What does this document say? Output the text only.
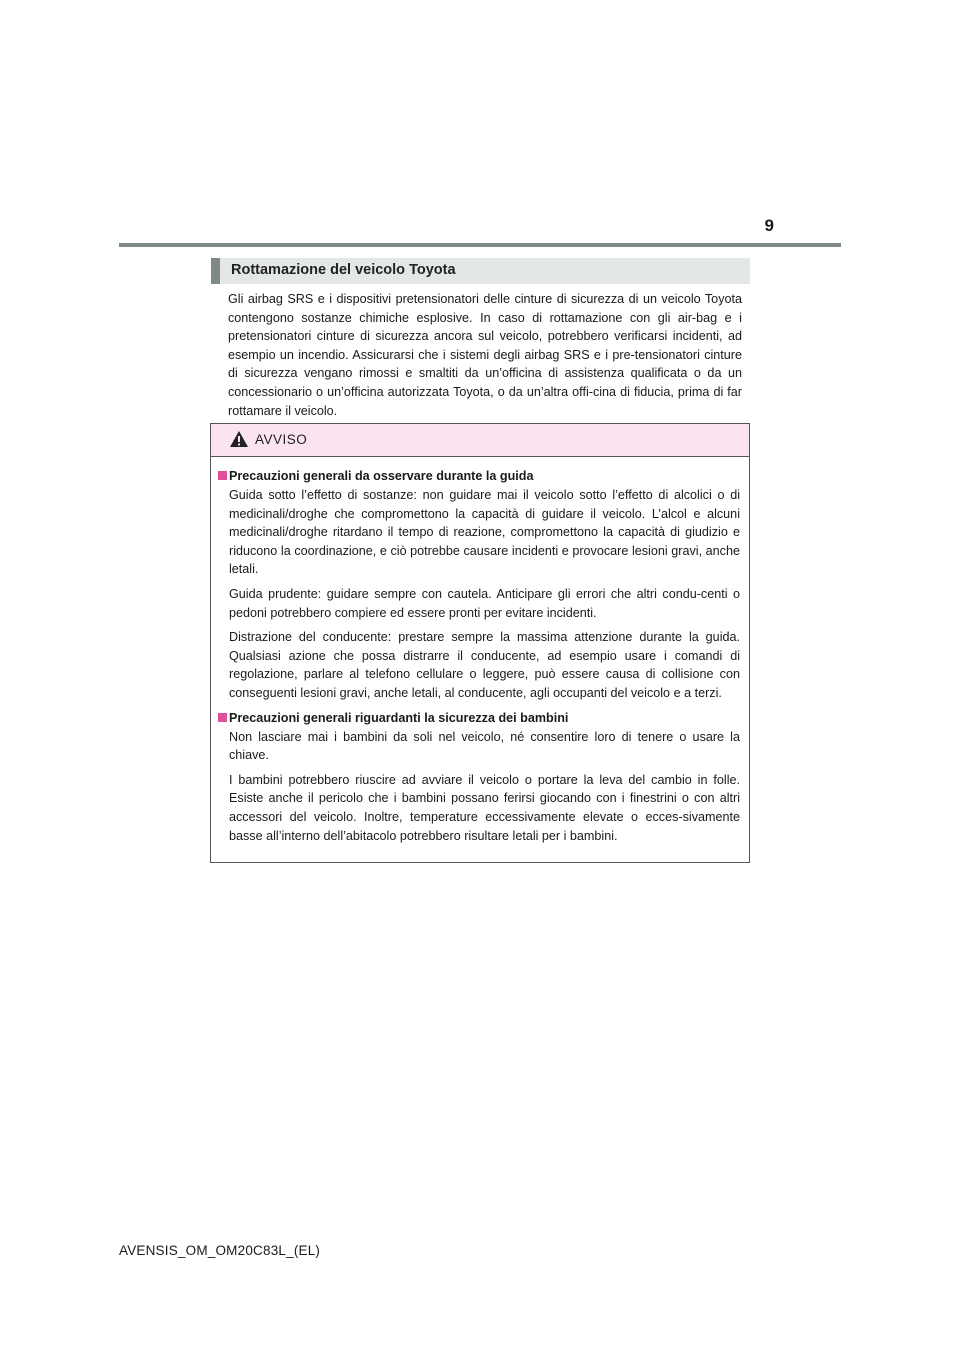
9
Rottamazione del veicolo Toyota

Gli airbag SRS e i dispositivi pretensionatori delle cinture di sicurezza di un veicolo Toyota contengono sostanze chimiche esplosive. In caso di rottamazione con gli air-bag e i pretensionatori cinture di sicurezza ancora sul veicolo, potrebbero verificarsi incidenti, ad esempio un incendio. Assicurarsi che i sistemi degli airbag SRS e i pre-tensionatori cinture di sicurezza vengano rimossi e smaltiti da un’officina di assistenza qualificata o da un concessionario o un’officina autorizzata Toyota, o da un’altra offi-cina di fiducia, prima di far rottamare il veicolo.

AVVISO
Precauzioni generali da osservare durante la guida

Guida sotto l’effetto di sostanze: non guidare mai il veicolo sotto l’effetto di alcolici o di medicinali/droghe che compromettono la capacità di guidare il veicolo. L’alcol e alcuni medicinali/droghe ritardano il tempo di reazione, compromettono la capacità di giudizio e riducono la coordinazione, e ciò potrebbe causare incidenti e provocare lesioni gravi, anche letali.

Guida prudente: guidare sempre con cautela. Anticipare gli errori che altri condu-centi o pedoni potrebbero compiere ed essere pronti per evitare incidenti.

Distrazione del conducente: prestare sempre la massima attenzione durante la guida. Qualsiasi azione che possa distrarre il conducente, ad esempio usare i comandi di regolazione, parlare al telefono cellulare o leggere, può essere causa di collisione con conseguenti lesioni gravi, anche letali, al conducente, agli occupanti del veicolo e a terzi.

Precauzioni generali riguardanti la sicurezza dei bambini

Non lasciare mai i bambini da soli nel veicolo, né consentire loro di tenere o usare la chiave.

I bambini potrebbero riuscire ad avviare il veicolo o portare la leva del cambio in folle. Esiste anche il pericolo che i bambini possano ferirsi giocando con i finestrini o con altri accessori del veicolo. Inoltre, temperature eccessivamente elevate o ecces-sivamente basse all’interno dell’abitacolo potrebbero risultare letali per i bambini.

AVENSIS_OM_OM20C83L_(EL)
